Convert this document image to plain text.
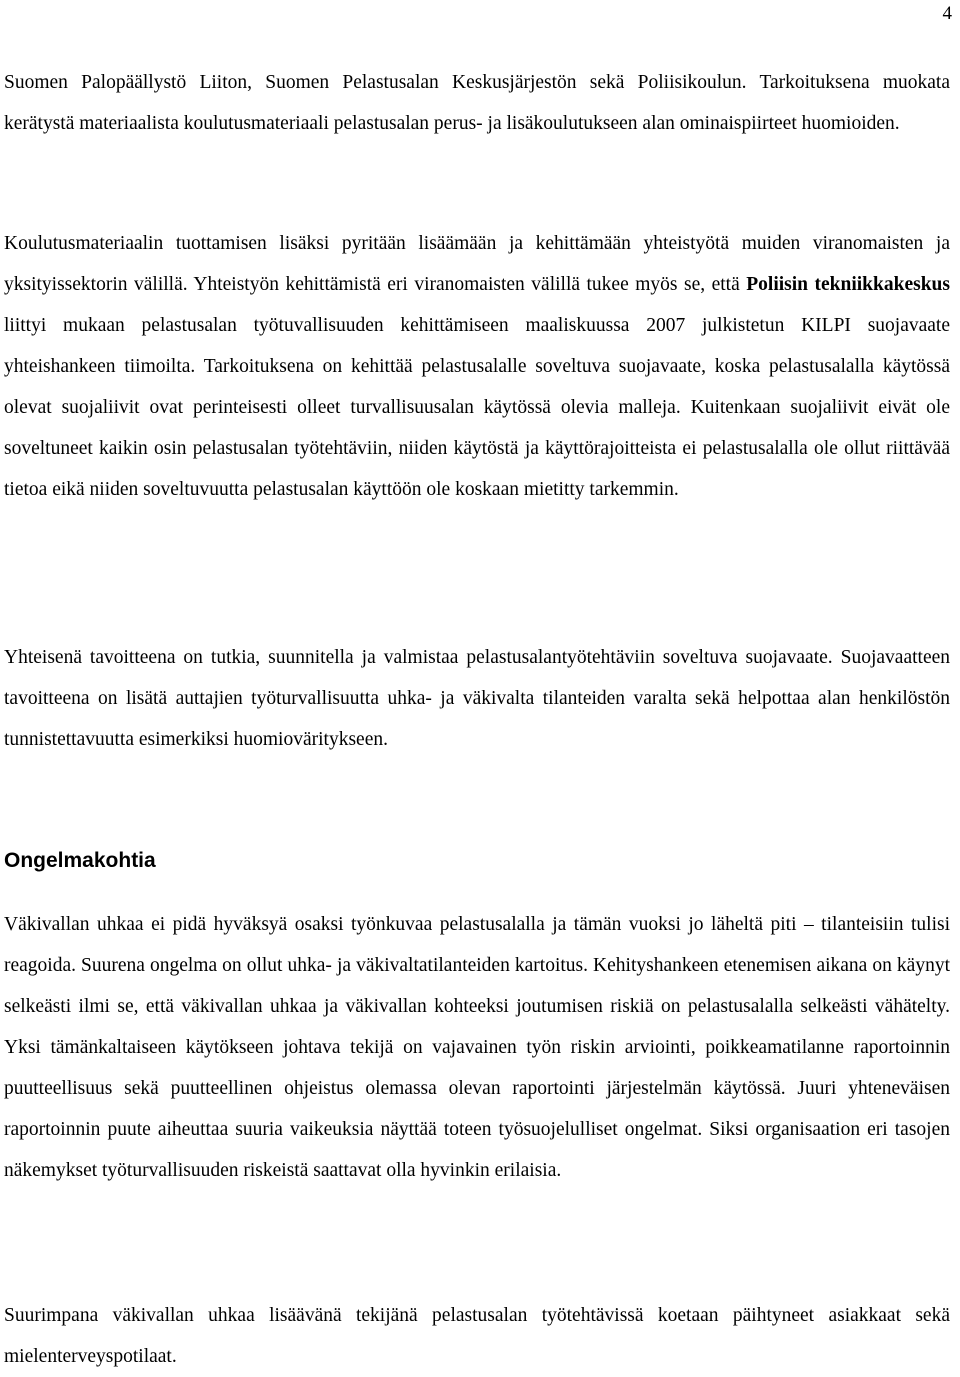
4

Suomen Palopäällystö Liiton, Suomen Pelastusalan Keskusjärjestön sekä Poliisikoulun. Tarkoituksena muokata kerätystä materiaalista koulutusmateriaali pelastusalan perus- ja lisäkoulutukseen alan ominaispiirteet huomioiden.

Koulutusmateriaalin tuottamisen lisäksi pyritään lisäämään ja kehittämään yhteistyötä muiden viranomaisten ja yksityissektorin välillä. Yhteistyön kehittämistä eri viranomaisten välillä tukee myös se, että Poliisin tekniikkakeskus liittyi mukaan pelastusalan työtuvallisuuden kehittämiseen maaliskuussa 2007 julkistetun KILPI suojavaate yhteishankeen tiimoilta. Tarkoituksena on kehittää pelastusalalle soveltuva suojavaate, koska pelastusalalla käytössä olevat suojaliivit ovat perinteisesti olleet turvallisuusalan käytössä olevia malleja. Kuitenkaan suojaliivit eivät ole soveltuneet kaikin osin pelastusalan työtehtäviin, niiden käytöstä ja käyttörajoitteista ei pelastusalalla ole ollut riittävää tietoa eikä niiden soveltuvuutta pelastusalan käyttöön ole koskaan mietitty tarkemmin.

Yhteisenä tavoitteena on tutkia, suunnitella ja valmistaa pelastusalantyötehtäviin soveltuva suojavaate. Suojavaatteen tavoitteena on lisätä auttajien työturvallisuutta uhka- ja väkivalta tilanteiden varalta sekä helpottaa alan henkilöstön tunnistettavuutta esimerkiksi huomioväritykseen.

Ongelmakohtia

Väkivallan uhkaa ei pidä hyväksyä osaksi työnkuvaa pelastusalalla ja tämän vuoksi jo läheltä piti – tilanteisiin tulisi reagoida. Suurena ongelma on ollut uhka- ja väkivaltatilanteiden kartoitus. Kehityshankeen etenemisen aikana on käynyt selkeästi ilmi se, että väkivallan uhkaa ja väkivallan kohteeksi joutumisen riskiä on pelastusalalla selkeästi vähätelty. Yksi tämänkaltaiseen käytökseen johtava tekijä on vajavainen työn riskin arviointi, poikkeamatilanne raportoinnin puutteellisuus sekä puutteellinen ohjeistus olemassa olevan raportointi järjestelmän käytössä. Juuri yhteneväisen raportoinnin puute aiheuttaa suuria vaikeuksia näyttää toteen työsuojelulliset ongelmat. Siksi organisaation eri tasojen näkemykset työturvallisuuden riskeistä saattavat olla hyvinkin erilaisia.

Suurimpana väkivallan uhkaa lisäävänä tekijänä pelastusalan työtehtävissä koetaan päihtyneet asiakkaat sekä mielenterveyspotilaat.
